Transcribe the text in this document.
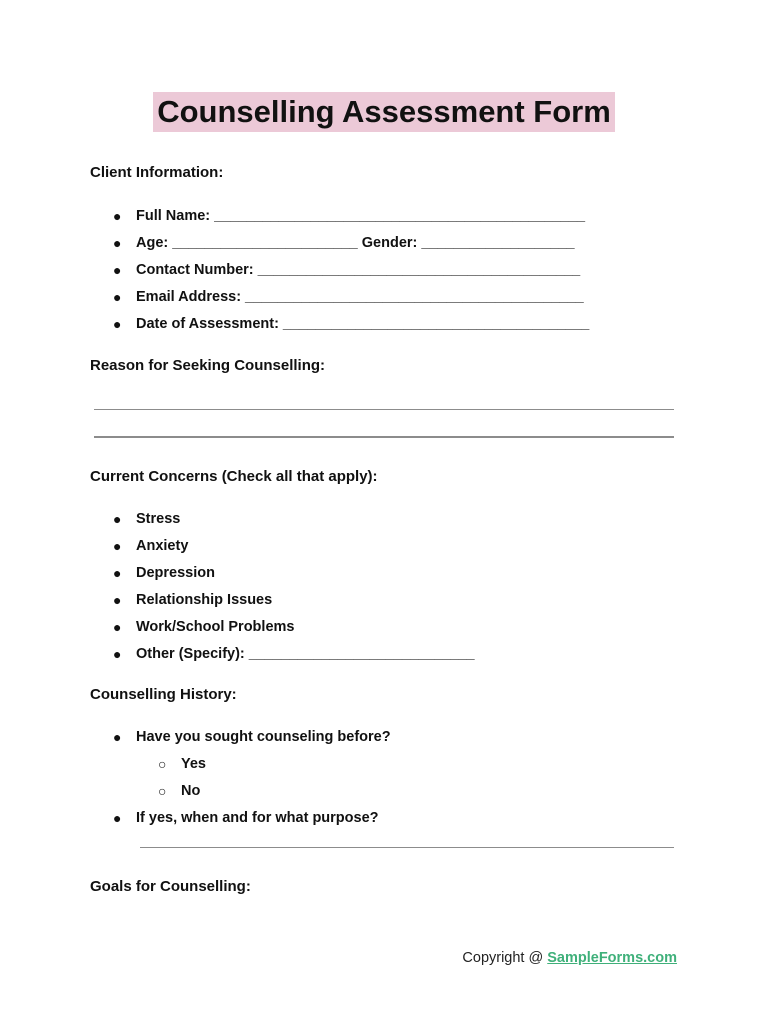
Counselling Assessment Form
Client Information:
● Full Name: ______________________________________________
● Age: _______________________ Gender: ___________________
● Contact Number: ________________________________________
● Email Address: __________________________________________
● Date of Assessment: ______________________________________
Reason for Seeking Counselling:
Current Concerns (Check all that apply):
● Stress
● Anxiety
● Depression
● Relationship Issues
● Work/School Problems
● Other (Specify): ____________________________
Counselling History:
● Have you sought counseling before?
○ Yes
○ No
● If yes, when and for what purpose?
Goals for Counselling:
Copyright @ SampleForms.com
